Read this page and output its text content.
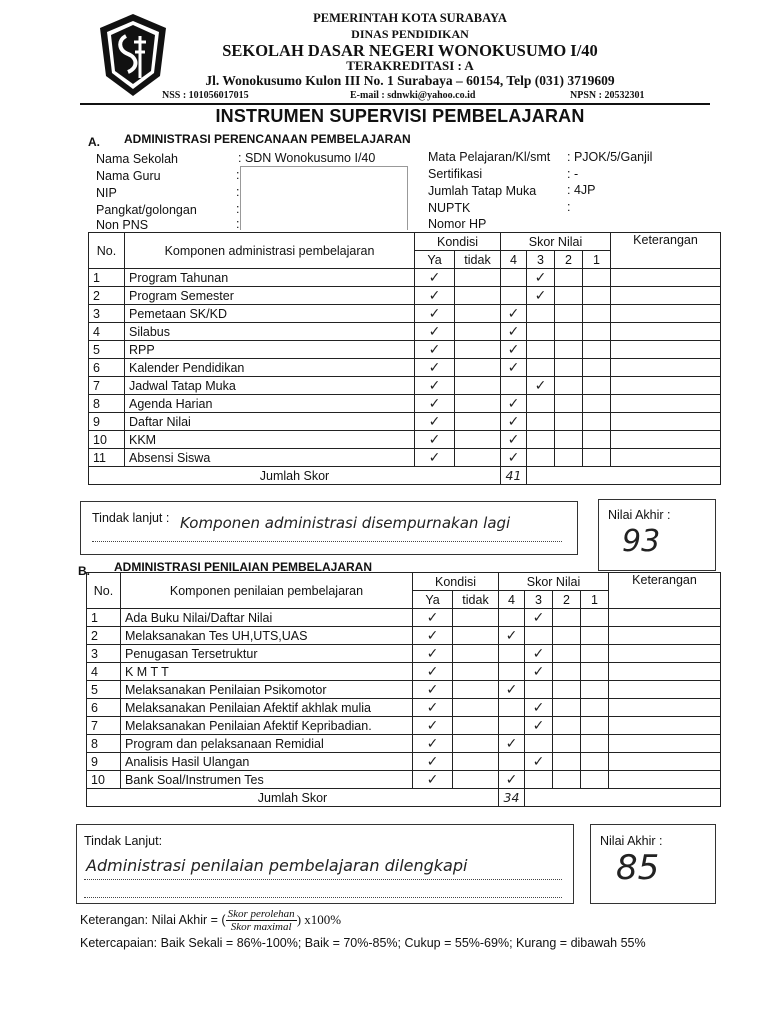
PEMERINTAH KOTA SURABAYA
DINAS PENDIDIKAN
SEKOLAH DASAR NEGERI WONOKUSUMO I/40
TERAKREDITASI : A
Jl. Wonokusumo Kulon III No. 1 Surabaya – 60154, Telp (031) 3719609
NSS : 101056017015	E-mail : sdnwki@yahoo.co.id	NPSN : 20532301
INSTRUMEN SUPERVISI PEMBELAJARAN
A. ADMINISTRASI PERENCANAAN PEMBELAJARAN
Nama Sekolah	: SDN Wonokusumo I/40
Nama Guru	:
NIP	:
Pangkat/golongan	:
Non PNS	:
Mata Pelajaran/Kl/smt : PJOK/5/Ganjil
Sertifikasi	: -
Jumlah Tatap Muka : 4JP
NUPTK	:
Nomor HP
No.	Komponen administrasi pembelajaran	Kondisi		Skor Nilai				Keterangan
		Ya	tidak	4	3	2	1	
1	Program Tahunan	✓			✓			
2	Program Semester	✓			✓			
3	Pemetaan SK/KD	✓		✓				
4	Silabus	✓		✓				
5	RPP	✓		✓				
6	Kalender Pendidikan	✓		✓				
7	Jadwal Tatap Muka	✓			✓			
8	Agenda Harian	✓		✓				
9	Daftar Nilai	✓		✓				
10	KKM	✓		✓				
11	Absensi Siswa	✓		✓				
Jumlah Skor				41				
Tindak lanjut : Komponen administrasi disempurnakan lagi	Nilai Akhir :
93
B. ADMINISTRASI PENILAIAN PEMBELAJARAN
No.	Komponen penilaian pembelajaran	Kondisi		Skor Nilai				Keterangan
		Ya	tidak	4	3	2	1	
1	Ada Buku Nilai/Daftar Nilai	✓			✓			
2	Melaksanakan Tes UH,UTS,UAS	✓		✓				
3	Penugasan Tersetruktur	✓			✓			
4	K M T T	✓			✓			
5	Melaksanakan Penilaian Psikomotor	✓		✓				
6	Melaksanakan Penilaian Afektif akhlak mulia	✓			✓			
7	Melaksanakan Penilaian Afektif Kepribadian.	✓			✓			
8	Program dan pelaksanaan Remidial	✓		✓				
9	Analisis Hasil Ulangan	✓			✓			
10	Bank Soal/Instrumen Tes	✓		✓				
Jumlah Skor				34				
Tindak Lanjut:
Administrasi penilaian pembelajaran dilengkapi
Nilai Akhir :
85
Keterangan: Nilai Akhir = ( $\frac{\text{Skor perolehan}}{\text{Skor maximal}}$ ) x100%
Ketercapaian: Baik Sekali = 86%-100%; Baik = 70%-85%; Cukup = 55%-69%; Kurang = dibawah 55%
